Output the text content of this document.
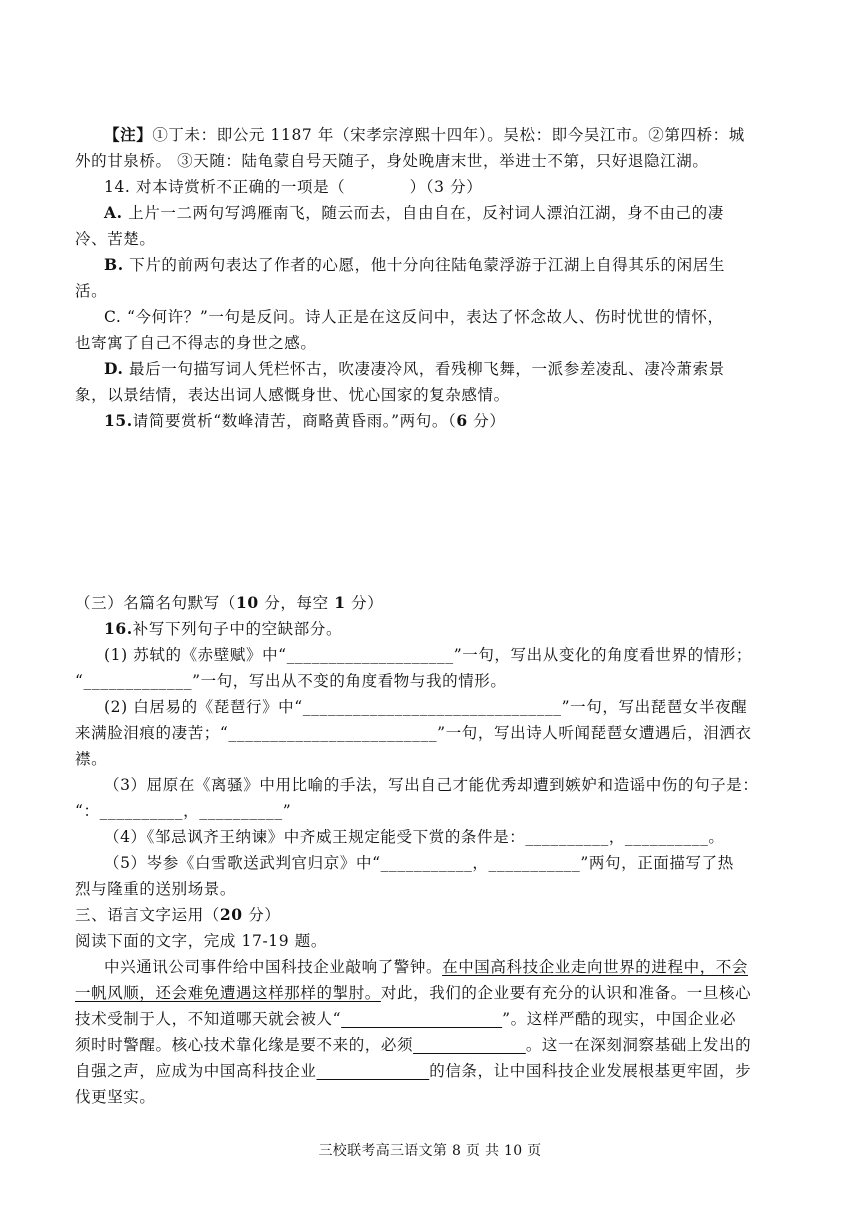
【注】①丁未：即公元 1187 年（宋孝宗淳熙十四年）。吴松：即今吴江市。②第四桥：城
外的甘泉桥。 ③天随：陆龟蒙自号天随子，身处晚唐末世，举进士不第，只好退隐江湖。
14. 对本诗赏析不正确的一项是（　　　　）（3 分）
A. 上片一二两句写鸿雁南飞，随云而去，自由自在，反衬词人漂泊江湖，身不由己的凄
冷、苦楚。
B. 下片的前两句表达了作者的心愿，他十分向往陆龟蒙浮游于江湖上自得其乐的闲居生
活。
C. “今何许？”一句是反问。诗人正是在这反问中，表达了怀念故人、伤时忧世的情怀，
也寄寓了自己不得志的身世之感。
D. 最后一句描写词人凭栏怀古，吹凄凄冷风，看残柳飞舞，一派参差凌乱、凄冷萧索景
象，以景结情，表达出词人感慨身世、忧心国家的复杂感情。
15.请简要赏析“数峰清苦，商略黄昏雨。”两句。（6 分）
（三）名篇名句默写（10 分，每空 1 分）
16.补写下列句子中的空缺部分。
(1) 苏轼的《赤壁赋》中“____________________”一句，写出从变化的角度看世界的情形；
“_____________”一句，写出从不变的角度看物与我的情形。
(2) 白居易的《琵琶行》中“_______________________________”一句，写出琵琶女半夜醒
来满脸泪痕的凄苦；“_________________________”一句，写出诗人听闻琵琶女遭遇后，泪洒衣
襟。
（3）屈原在《离骚》中用比喻的手法，写出自己才能优秀却遭到嫉妒和造谣中伤的句子是：
“：__________，__________”
（4）《邹忌讽齐王纳谏》中齐威王规定能受下赏的条件是：__________，__________。
（5）岑参《白雪歌送武判官归京》中“___________，___________”两句，正面描写了热
烈与隆重的送别场景。
三、语言文字运用（20 分）
阅读下面的文字，完成 17-19 题。
中兴通讯公司事件给中国科技企业敲响了警钟。在中国高科技企业走向世界的进程中，不会
一帆风顺，还会难免遭遇这样那样的掣肘。对此，我们的企业要有充分的认识和准备。一旦核心
技术受制于人，不知道哪天就会被人“　　　　　　　　　　	”。这样严酷的现实，中国企业必
须时时警醒。核心技术靠化缘是要不来的，必须　　　　　　　	。这一在深刻洞察基础上发出的
自强之声，应成为中国高科技企业　　　　　　　	的信条，让中国科技企业发展根基更牢固，步
伐更坚实。
三校联考高三语文第 8 页 共 10 页
